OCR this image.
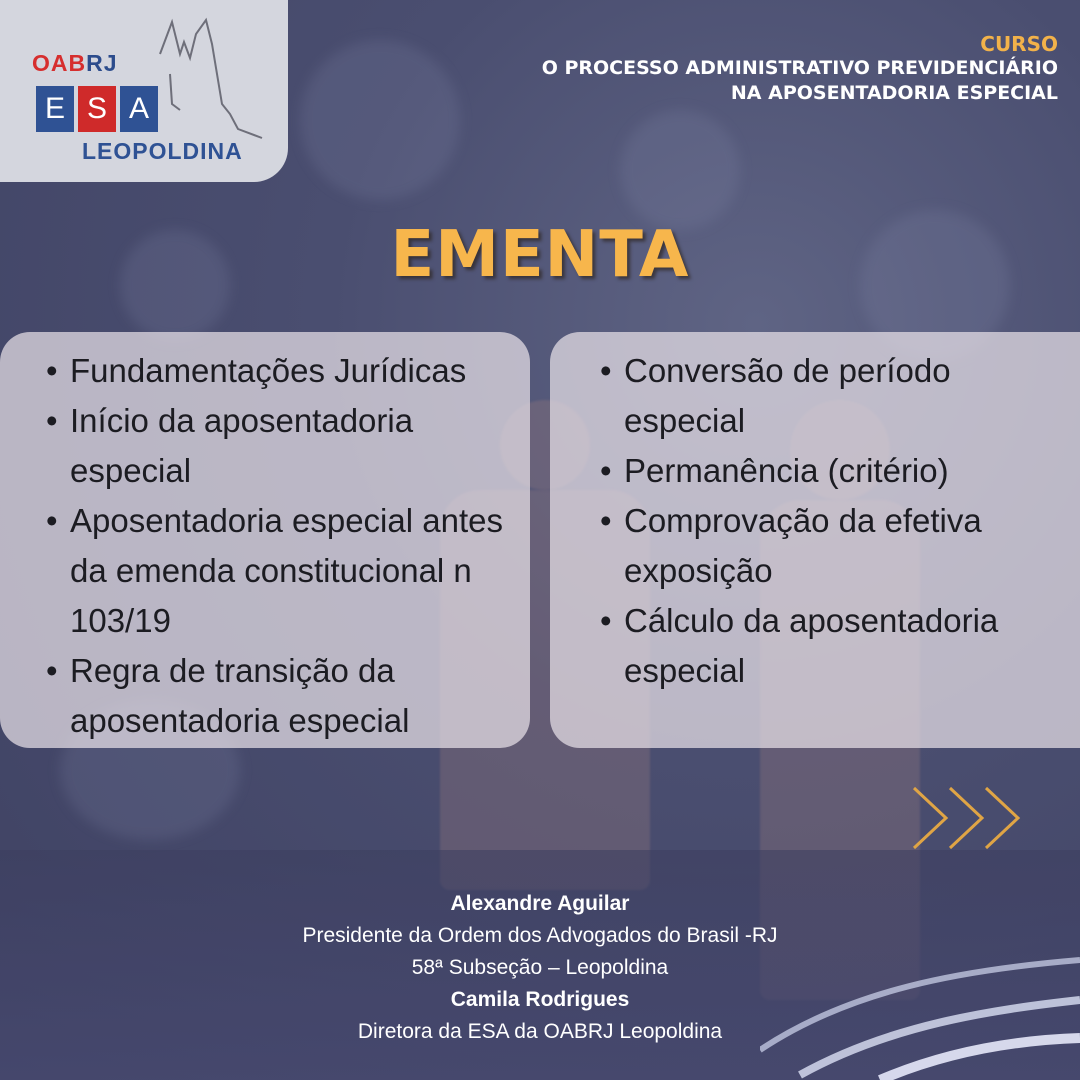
OABRJ
E S A
LEOPOLDINA
CURSO
O PROCESSO ADMINISTRATIVO PREVIDENCIÁRIO
NA APOSENTADORIA ESPECIAL
EMENTA
• Fundamentações Jurídicas
• Início da aposentadoria especial
• Aposentadoria especial antes da emenda constitucional n 103/19
• Regra de transição da aposentadoria especial
• Conversão de período especial
• Permanência (critério)
• Comprovação da efetiva exposição
• Cálculo da aposentadoria especial
Alexandre Aguilar
Presidente da Ordem dos Advogados do Brasil -RJ
58ª Subseção – Leopoldina
Camila Rodrigues
Diretora da ESA da OABRJ Leopoldina
